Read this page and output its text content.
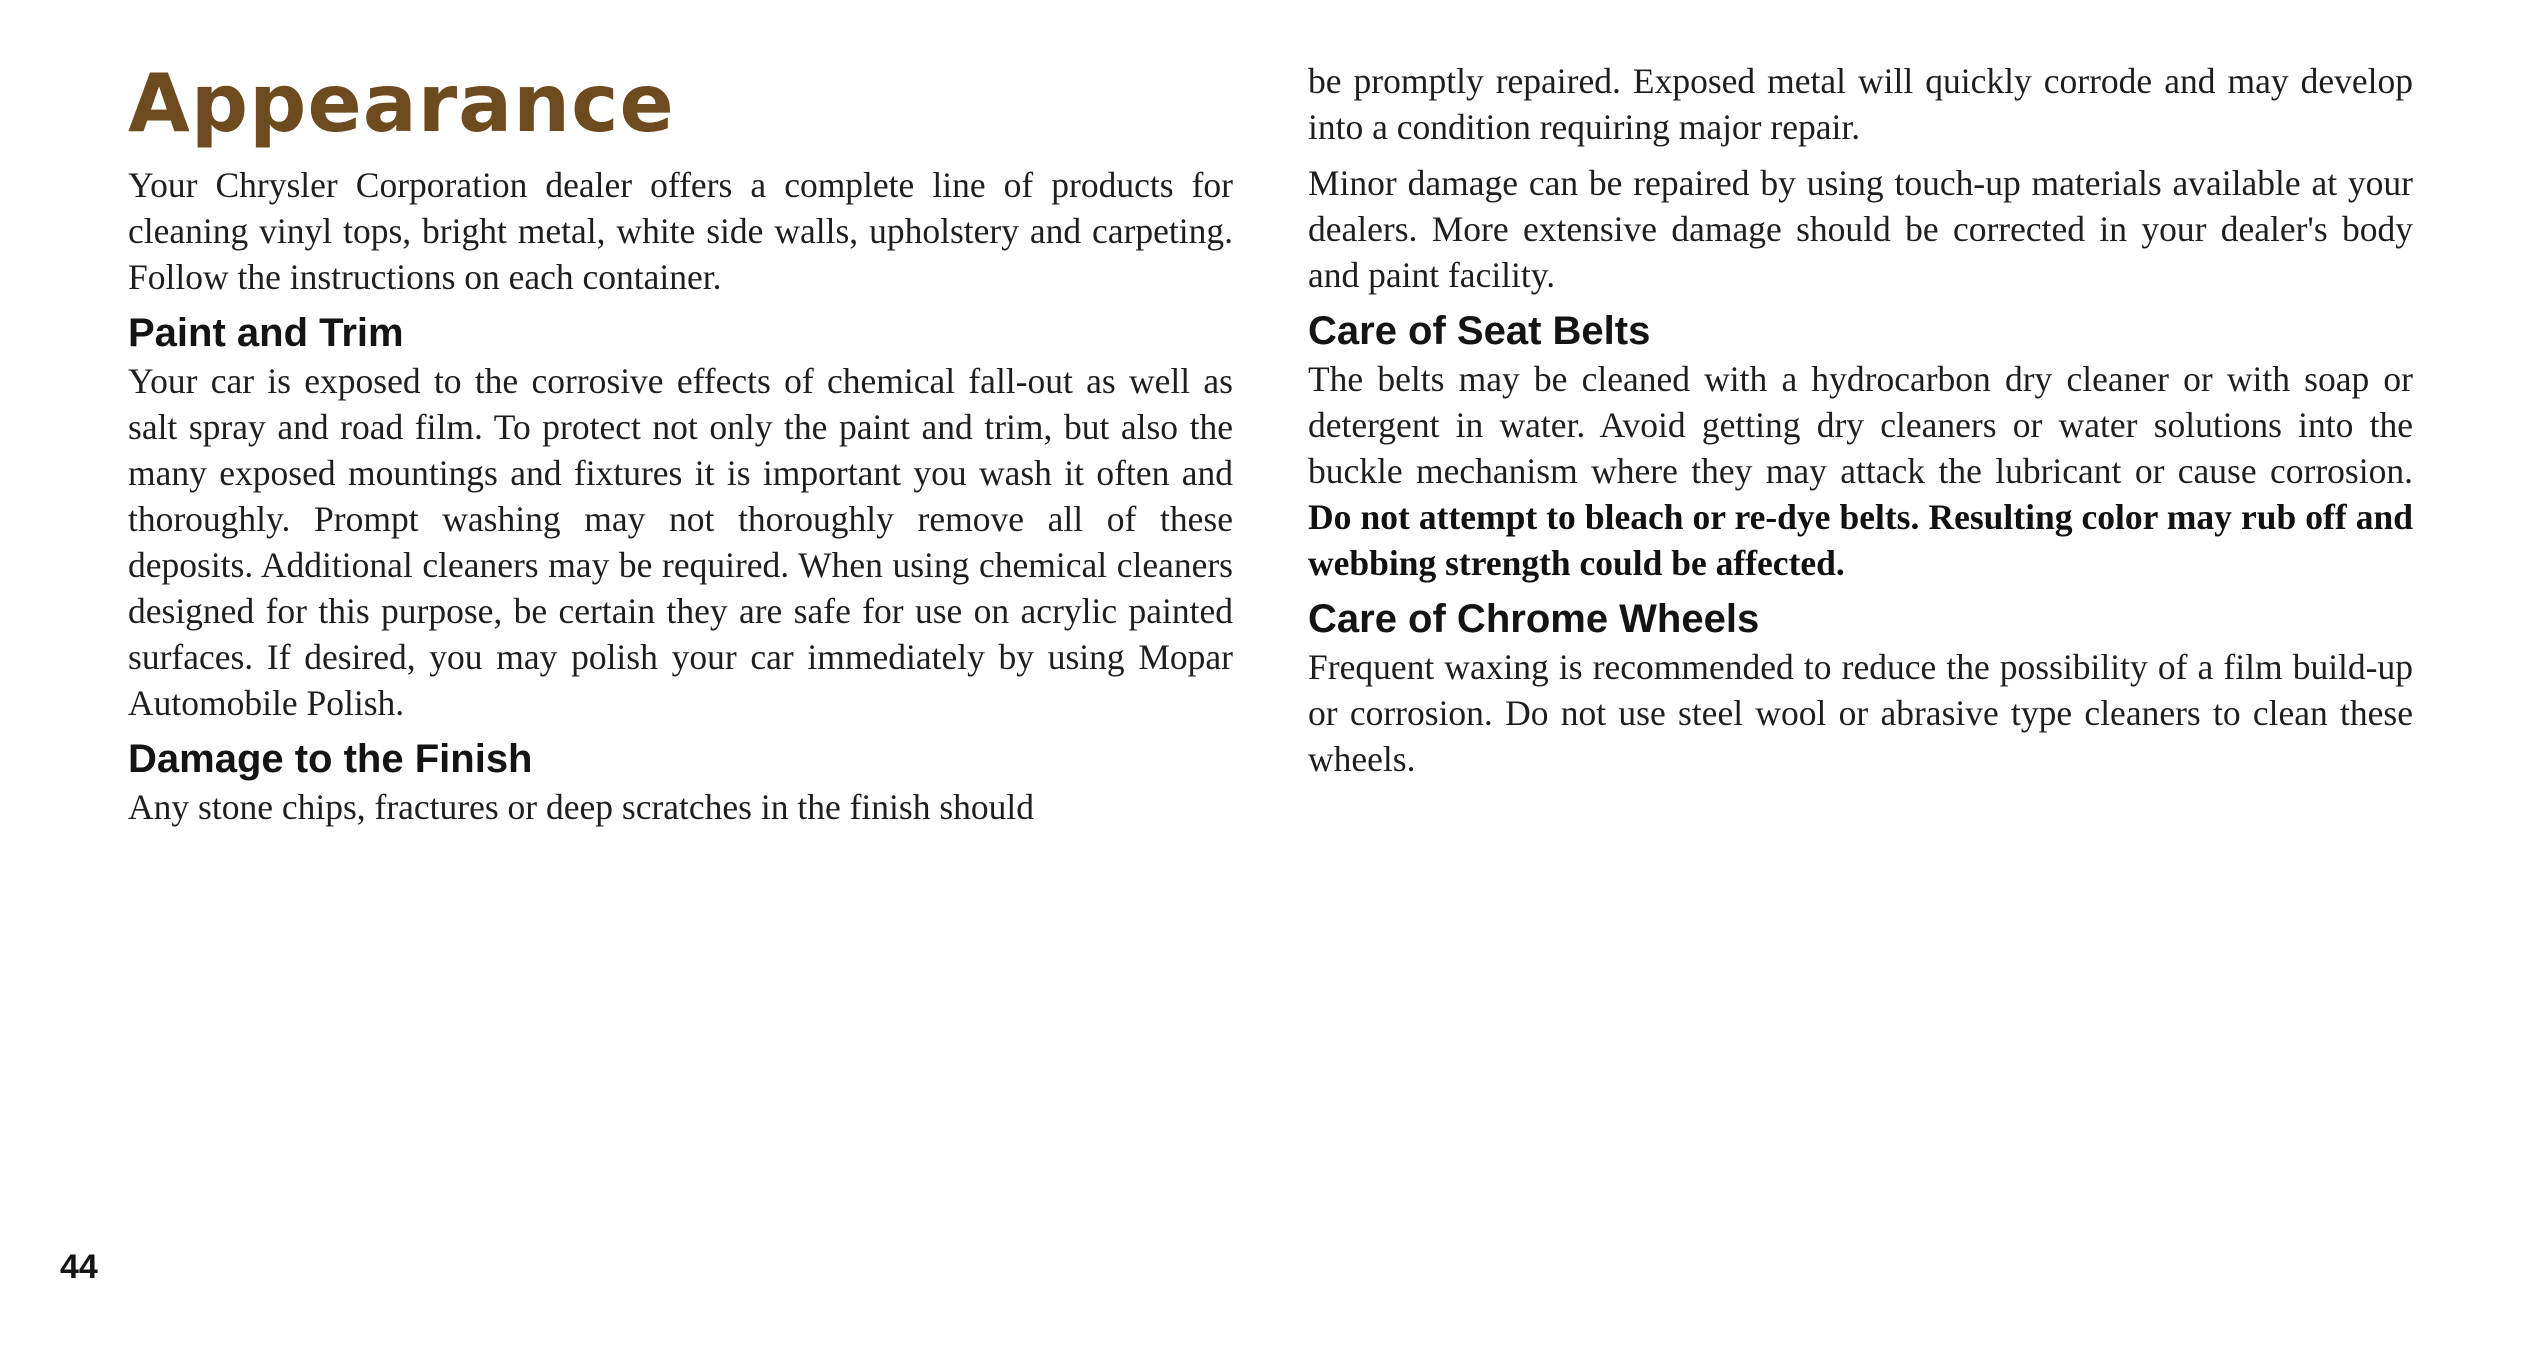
Appearance

Your Chrysler Corporation dealer offers a complete line of products for cleaning vinyl tops, bright metal, white side walls, upholstery and carpeting. Follow the instructions on each container.

Paint and Trim

Your car is exposed to the corrosive effects of chemical fall-out as well as salt spray and road film. To protect not only the paint and trim, but also the many exposed mountings and fixtures it is important you wash it often and thoroughly. Prompt washing may not thoroughly remove all of these deposits. Additional cleaners may be required. When using chemical cleaners designed for this purpose, be certain they are safe for use on acrylic painted surfaces. If desired, you may polish your car immediately by using Mopar Automobile Polish.

Damage to the Finish

Any stone chips, fractures or deep scratches in the finish should

be promptly repaired. Exposed metal will quickly corrode and may develop into a condition requiring major repair.

Minor damage can be repaired by using touch-up materials available at your dealers. More extensive damage should be corrected in your dealer's body and paint facility.

Care of Seat Belts

The belts may be cleaned with a hydrocarbon dry cleaner or with soap or detergent in water. Avoid getting dry cleaners or water solutions into the buckle mechanism where they may attack the lubricant or cause corrosion. Do not attempt to bleach or re-dye belts. Resulting color may rub off and webbing strength could be affected.

Care of Chrome Wheels

Frequent waxing is recommended to reduce the possibility of a film build-up or corrosion. Do not use steel wool or abrasive type cleaners to clean these wheels.

44
